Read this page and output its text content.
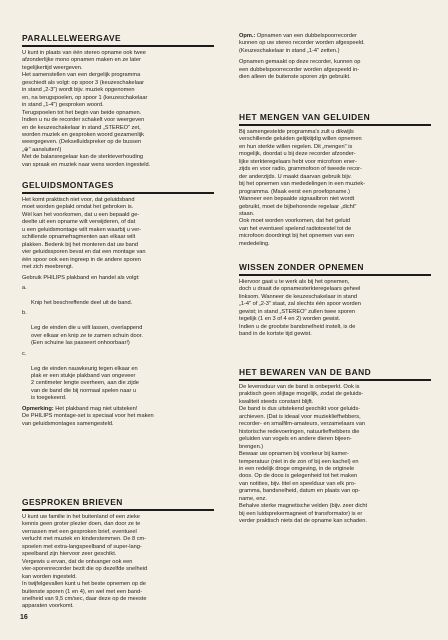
PARALLELWEERGAVE

U kunt in plaats van één stereo opname ook twee
afzonderlijke mono opnamen maken en ze later
tegelijkertijd weergeven.
Het samenstellen van een dergelijk programma
geschiedt als volgt: op spoor 3 (keuzeschakelaar
in stand „2-3") wordt bijv. muziek opgenomen
en, na terugspoelen, op spoor 1 (keuzeschakelaar
in stand „1-4") gesproken woord.
Terugspoelen tot het begin van beide opnamen.
Indien u nu de recorder schakelt voor weergeven
en de keuzeschakelaar in stand „STEREO" zet,
worden muziek en gesproken woord gezamenlijk
weergegeven. (Dekselluidspreker op de bussen
„⊕" aansluiten!)
Met de balansregelaar kan de sterkteverhouding
van spraak en muziek naar wens worden ingesteld.

GELUIDSMONTAGES

Het komt praktisch niet voor, dat geluidsband
moet worden geplakt omdat het gebroken is.
Wèl kan het voorkomen, dat u een bepaald ge-
deelte uit een opname wilt verwijderen, of dat
u een geluidsmontage wilt maken waarbij u ver-
schillende opnamefragmenten aan elkaar wilt
plakken. Bedenk bij het monteren dat uw band
vier geluidssporen bevat en dat een montage van
één spoor ook een ingreep in de andere sporen
met zich meebrengt.

Gebruik PHILIPS plakband en handel als volgt:

a.

Knip het beschreffende deel uit de band.

b.

Leg de einden die u wilt lassen, overlappend
over elkaar en knip ze te zamen schuin door.
(Een schuine las passeert onhoorbaar!)

c.

Leg de einden nauwkeurig tegen elkaar en
plak er een stukje plakband van ongeveer
2 centimeter lengte overheen, aan die zijde
van de band die bij normaal spelen naar u
is toegekeerd.

Opmerking: Het plakband mag niet uitsteken!

De PHILIPS montage-set is speciaal voor het maken
van geluidsmontages samengesteld.

GESPROKEN BRIEVEN

U kunt uw familie in het buitenland of een zieke
kennis geen groter plezier doen, dan door ze te
verrassen met een gesproken brief, eventueel
verlucht met muziek en kinderstemmen. De 8 cm-
spoelen met extra-langspeelband of super-lang-
speelband zijn hiervoor zeer geschikt.
Vergewis u ervan, dat de ontvanger ook een
vier-sporenrecorder bezit die op dezelfde snelheid
kan worden ingesteld.
In twijfelgevallen kunt u het beste opnemen op de
buitenste sporen (1 en 4), en wel met een band-
snelheid van 9,5 cm/sec, daar deze op de meeste
apparaten voorkomt.

Opm.: Opnamen van een dubbelspoorrecorder
kunnen op uw stereo recorder worden afgespeeld.
(Keuzeschakelaar in stand „1-4" zetten.)

Opnamen gemaakt op deze recorder, kunnen op
een dubbelspoorrecorder worden afgespeeld in-
dien alleen de buitenste sporen zijn gebruikt.

HET MENGEN VAN GELUIDEN

Bij samengestelde programma's zult u dikwijls
verschillende geluiden gelijktijdig willen opnemen
en hun sterkte willen regelen. Dit „mengen" is
mogelijk, doordat u bij deze recorder afzonder-
lijke sterkteregelaars hebt voor microfoon ener-
zijds en voor radio, grammofoon of tweede recor-
der anderzijds. U maakt daarvan gebruik bijv.
bij het opnemen van mededelingen in een muziek-
programma. (Maak eerst een proefopname.)
Wanneer een bepaalde signaalbron niet wordt
gebruikt, moet de bijbehorende regelaar „dicht"
staan.
Ook moet worden voorkomen, dat het geluid
van het eventueel spelend radiotoestel tot de
microfoon doordringt bij het opnemen van een
mededeling.

WISSEN ZONDER OPNEMEN

Hiervoor gaat u te werk als bij het opnemen,
doch u draait de opnamesterkteregelaars geheel
linksom. Wanneer de keuzeschakelaar in stand
„1-4" of „2-3" staat, zal slechts één spoor worden
gewist; in stand „STEREO" zullen twee sporen
tegelijk (1 en 3 of 4 en 2) worden gewist.
Indien u de grootste bandsnelheid instelt, is de
band in de kortste tijd gewist.

HET BEWAREN VAN DE BAND

De levensduur van de band is onbeperkt. Ook is
praktisch geen slijtage mogelijk, zodat de geluids-
kwaliteit steeds constant blijft.
De band is dus uitstekend geschikt voor geluids-
archieven. (Dat is ideaal voor muziekliefhebbers,
recorder- en smalfilm-amateurs, verzamelaars van
historische redevoeringen, natuurliefhebbers die
geluiden van vogels en andere dieren bijeen-
brengen.)
Bewaar uw opnamen bij voorkeur bij kamer-
temperatuur (niet in de zon of bij een kachel) en
in een redelijk droge omgeving, in de originele
doos. Op de doos is gelegenheid tot het maken
van notities, bijv. titel en speelduur van elk pro-
gramma, bandsnelheid, datum en plaats van op-
name, enz.
Behalve sterke magnetische velden (bijv. zeer dicht
bij een luidsprekermagneet of transformator) is er
verder praktisch niets dat de opname kan schaden.

16
